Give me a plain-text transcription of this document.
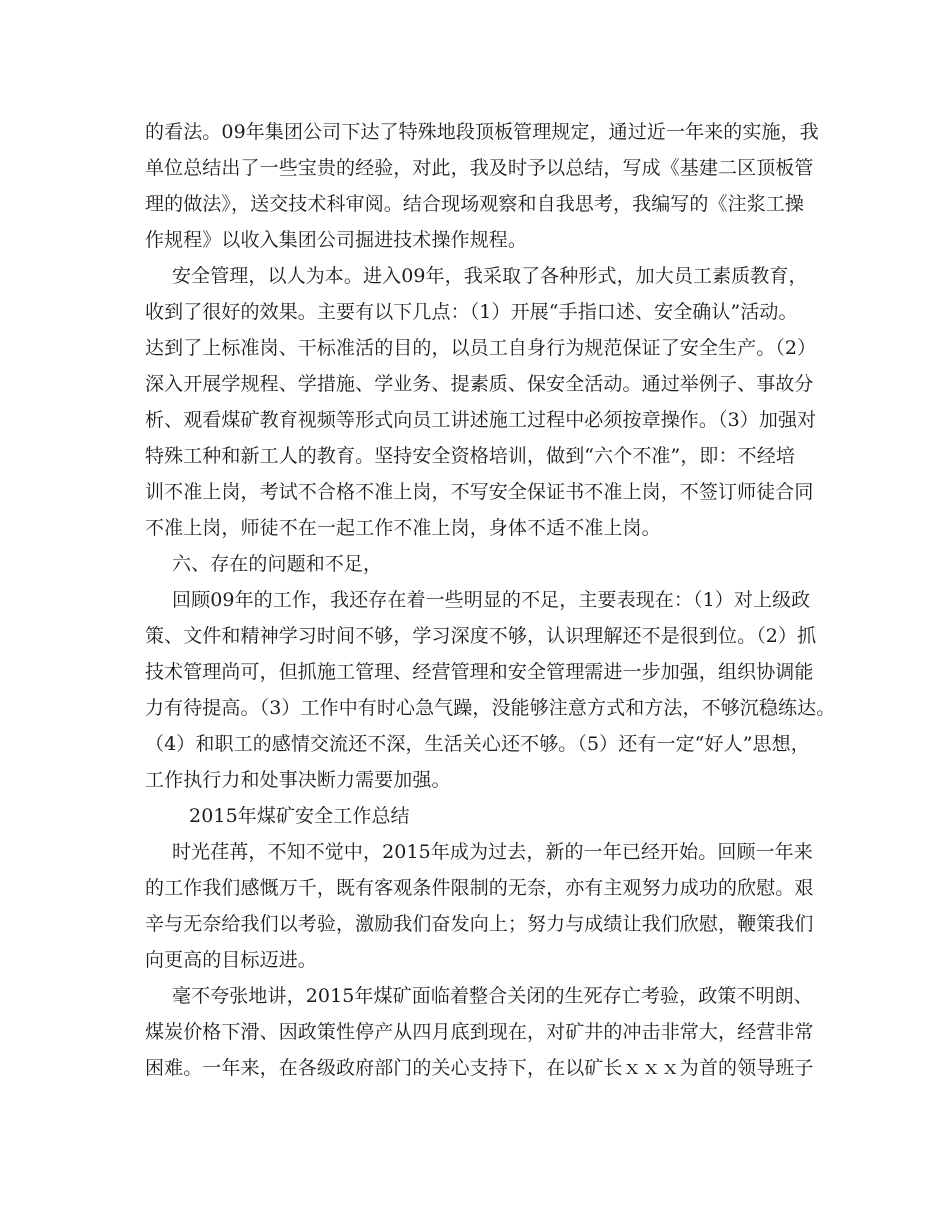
的看法。09年集团公司下达了特殊地段顶板管理规定，通过近一年来的实施，我
单位总结出了一些宝贵的经验，对此，我及时予以总结，写成《基建二区顶板管
理的做法》，送交技术科审阅。结合现场观察和自我思考，我编写的《注浆工操
作规程》以收入集团公司掘进技术操作规程。
安全管理，以人为本。进入09年，我采取了各种形式，加大员工素质教育，
收到了很好的效果。主要有以下几点：（1）开展“手指口述、安全确认”活动。
达到了上标准岗、干标准活的目的，以员工自身行为规范保证了安全生产。（2）
深入开展学规程、学措施、学业务、提素质、保安全活动。通过举例子、事故分
析、观看煤矿教育视频等形式向员工讲述施工过程中必须按章操作。（3）加强对
特殊工种和新工人的教育。坚持安全资格培训，做到“六个不准”，即：不经培
训不准上岗，考试不合格不准上岗，不写安全保证书不准上岗，不签订师徒合同
不准上岗，师徒不在一起工作不准上岗，身体不适不准上岗。
六、存在的问题和不足，
回顾09年的工作，我还存在着一些明显的不足，主要表现在：（1）对上级政
策、文件和精神学习时间不够，学习深度不够，认识理解还不是很到位。（2）抓
技术管理尚可，但抓施工管理、经营管理和安全管理需进一步加强，组织协调能
力有待提高。（3）工作中有时心急气躁，没能够注意方式和方法，不够沉稳练达。
（4）和职工的感情交流还不深，生活关心还不够。（5）还有一定“好人”思想，
工作执行力和处事决断力需要加强。
2015年煤矿安全工作总结
时光荏苒，不知不觉中，2015年成为过去，新的一年已经开始。回顾一年来
的工作我们感慨万千，既有客观条件限制的无奈，亦有主观努力成功的欣慰。艰
辛与无奈给我们以考验，激励我们奋发向上；努力与成绩让我们欣慰，鞭策我们
向更高的目标迈进。
毫不夸张地讲，2015年煤矿面临着整合关闭的生死存亡考验，政策不明朗、
煤炭价格下滑、因政策性停产从四月底到现在，对矿井的冲击非常大，经营非常
困难。一年来，在各级政府部门的关心支持下，在以矿长ｘｘｘ为首的领导班子
